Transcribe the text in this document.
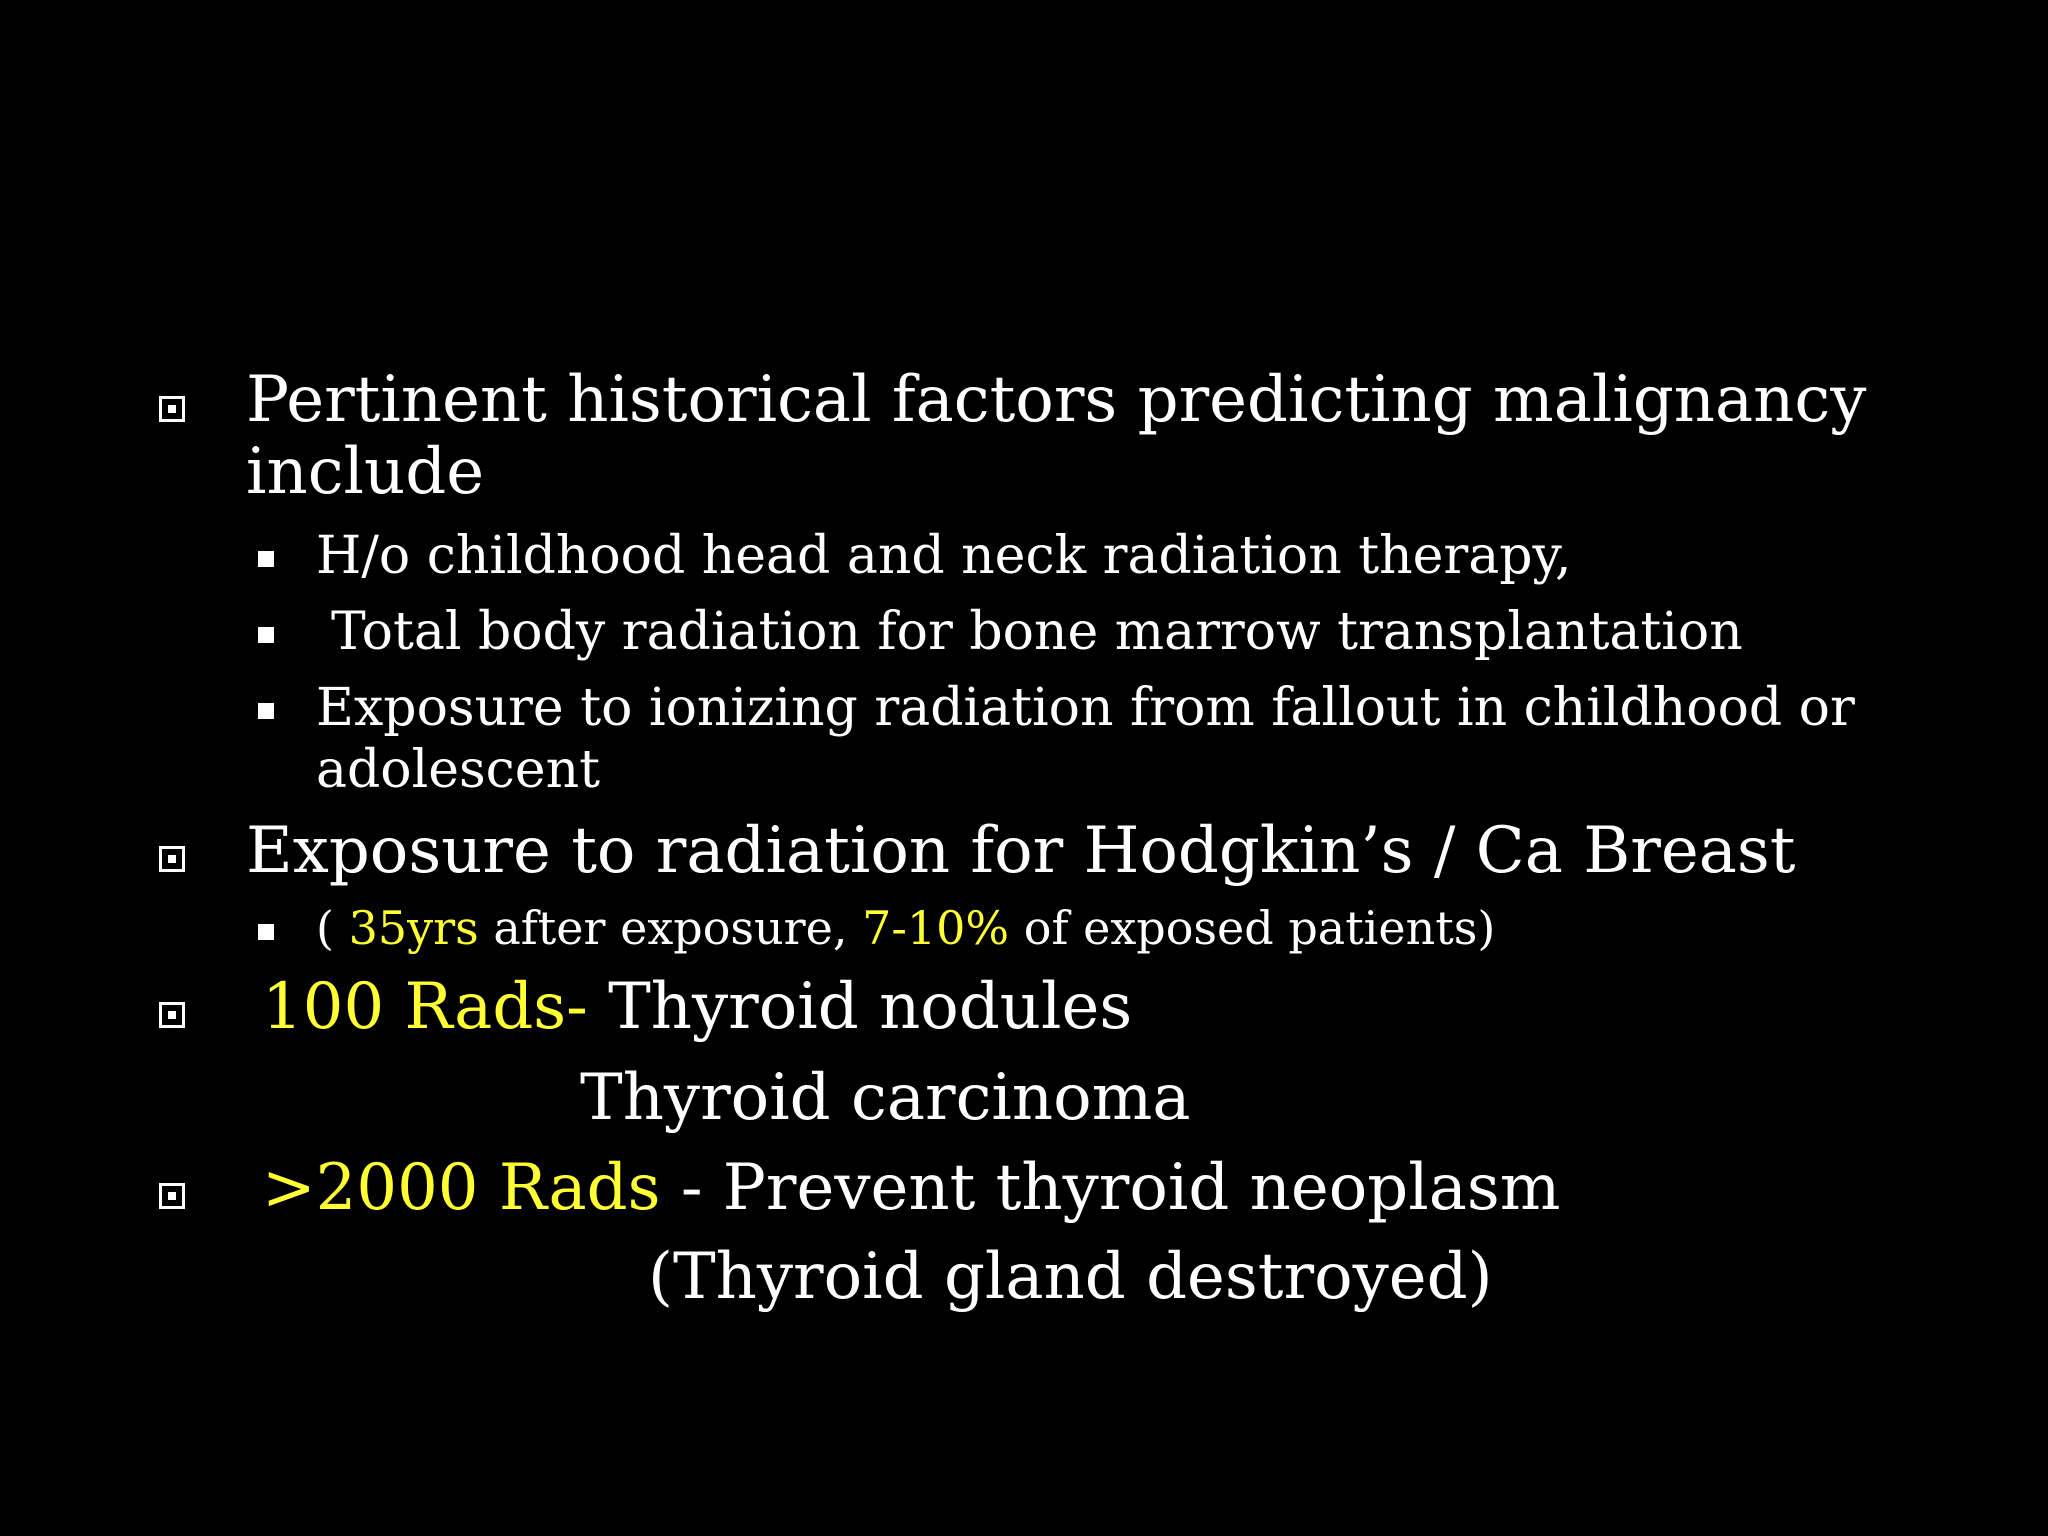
Pertinent historical factors predicting malignancy
include
H/o childhood head and neck radiation therapy,
Total body radiation for bone marrow transplantation
Exposure to ionizing radiation from fallout in childhood or
adolescent
Exposure to radiation for Hodgkin’s / Ca Breast
( 35yrs after exposure, 7-10% of exposed patients)
100 Rads- Thyroid nodules
Thyroid carcinoma
>2000 Rads - Prevent thyroid neoplasm
(Thyroid gland destroyed)
